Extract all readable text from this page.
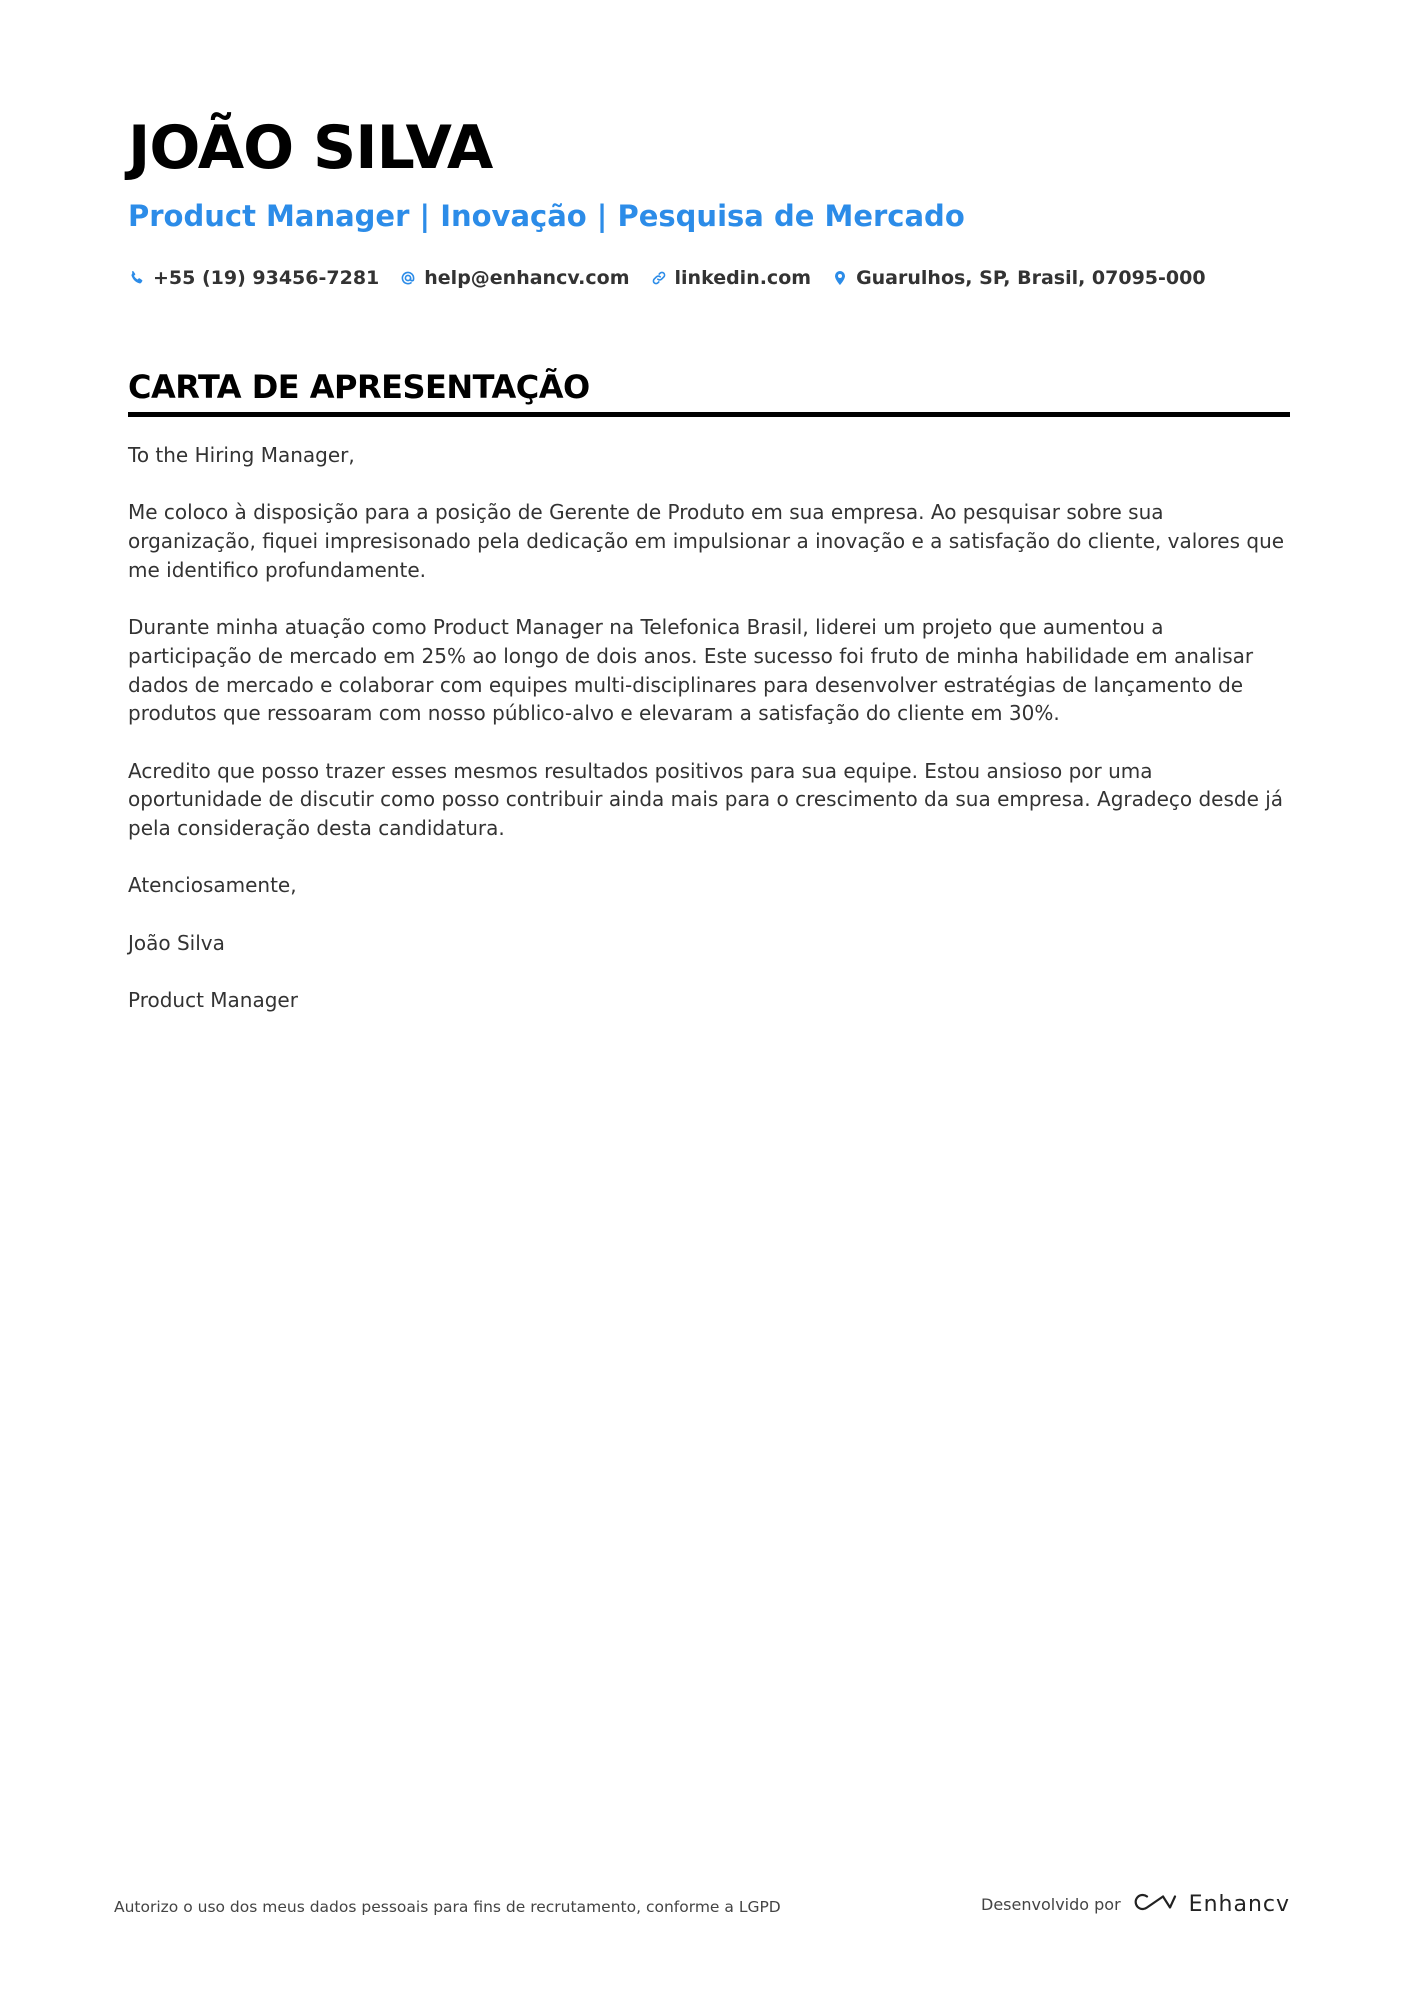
JOÃO SILVA
Product Manager | Inovação | Pesquisa de Mercado
+55 (19) 93456-7281 help@enhancv.com linkedin.com Guarulhos, SP, Brasil, 07095-000
CARTA DE APRESENTAÇÃO

To the Hiring Manager,

Me coloco à disposição para a posição de Gerente de Produto em sua empresa. Ao pesquisar sobre sua organização, fiquei impresisonado pela dedicação em impulsionar a inovação e a satisfação do cliente, valores que me identifico profundamente.

Durante minha atuação como Product Manager na Telefonica Brasil, liderei um projeto que aumentou a participação de mercado em 25% ao longo de dois anos. Este sucesso foi fruto de minha habilidade em analisar dados de mercado e colaborar com equipes multi-disciplinares para desenvolver estratégias de lançamento de produtos que ressoaram com nosso público-alvo e elevaram a satisfação do cliente em 30%.

Acredito que posso trazer esses mesmos resultados positivos para sua equipe. Estou ansioso por uma oportunidade de discutir como posso contribuir ainda mais para o crescimento da sua empresa. Agradeço desde já pela consideração desta candidatura.

Atenciosamente,

João Silva

Product Manager

Autorizo o uso dos meus dados pessoais para fins de recrutamento, conforme a LGPD	Desenvolvido por	Enhancv
